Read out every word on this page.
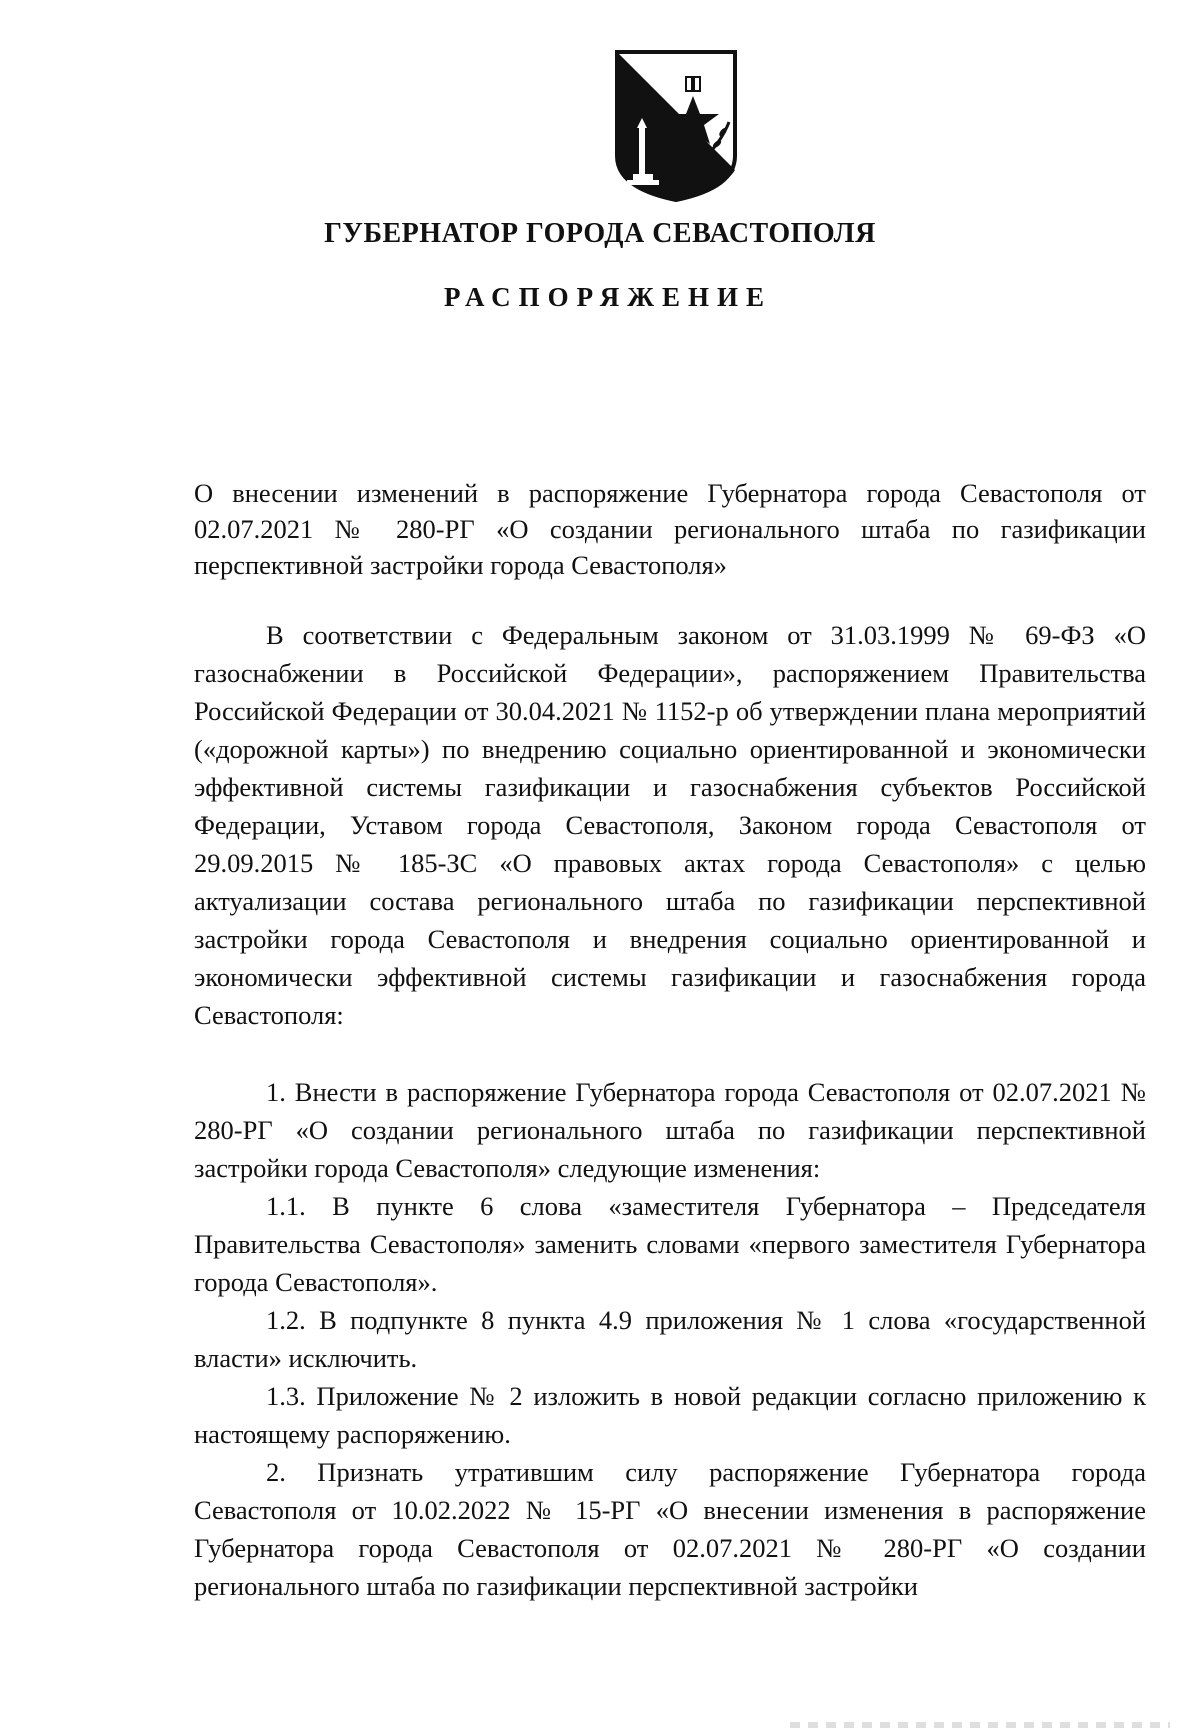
ГУБЕРНАТОР ГОРОДА СЕВАСТОПОЛЯ
РАСПОРЯЖЕНИЕ
О внесении изменений в распоряжение Губернатора города Севастополя от 02.07.2021 № 280-РГ «О создании регионального штаба по газификации перспективной застройки города Севастополя»

В соответствии с Федеральным законом от 31.03.1999 № 69-ФЗ «О газоснабжении в Российской Федерации», распоряжением Правительства Российской Федерации от 30.04.2021 № 1152-р об утверждении плана мероприятий («дорожной карты») по внедрению социально ориентированной и экономически эффективной системы газификации и газоснабжения субъектов Российской Федерации, Уставом города Севастополя, Законом города Севастополя от 29.09.2015 № 185-ЗС «О правовых актах города Севастополя» с целью актуализации состава регионального штаба по газификации перспективной застройки города Севастополя и внедрения социально ориентированной и экономически эффективной системы газификации и газоснабжения города Севастополя:

1. Внести в распоряжение Губернатора города Севастополя от 02.07.2021 № 280-РГ «О создании регионального штаба по газификации перспективной застройки города Севастополя» следующие изменения:

1.1. В пункте 6 слова «заместителя Губернатора – Председателя Правительства Севастополя» заменить словами «первого заместителя Губернатора города Севастополя».

1.2. В подпункте 8 пункта 4.9 приложения № 1 слова «государственной власти» исключить.

1.3. Приложение № 2 изложить в новой редакции согласно приложению к настоящему распоряжению.

2. Признать утратившим силу распоряжение Губернатора города Севастополя от 10.02.2022 № 15-РГ «О внесении изменения в распоряжение Губернатора города Севастополя от 02.07.2021 № 280-РГ «О создании регионального штаба по газификации перспективной застройки
